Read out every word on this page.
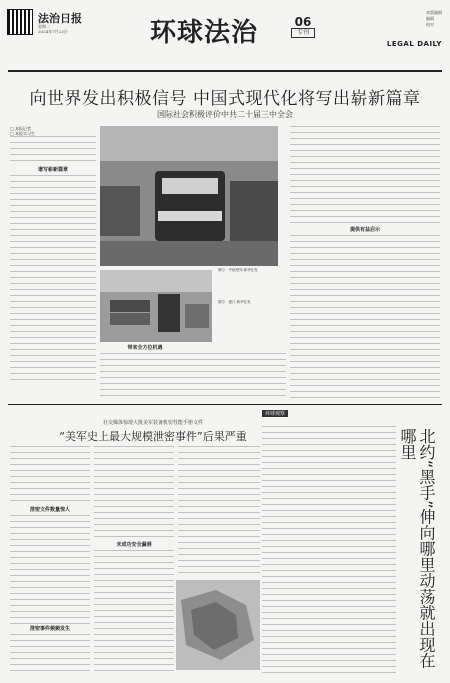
法治日报
星期二
2024年7月23日	环球法治	06
专刊
本版编辑
编辑
校对
LEGAL DAILY
向世界发出积极信号 中国式现代化将写出崭新篇章
国际社会积极评价中共二十届三中全会
□ 本报记者
□ 本报实习生
谱写崭新篇章
图①：中欧班列 新华社发
图②：港口 新华社发
带来全方位机遇
提供有益启示
社交媒体惊现大批美军装备机密性能手册文件
“美军史上最大规模泄密事件”后果严重
泄密文件数量惊人
泄密事件频频发生
未成功安全漏洞
环球观察
北约“黑手”伸向哪里动荡就出现在哪里
